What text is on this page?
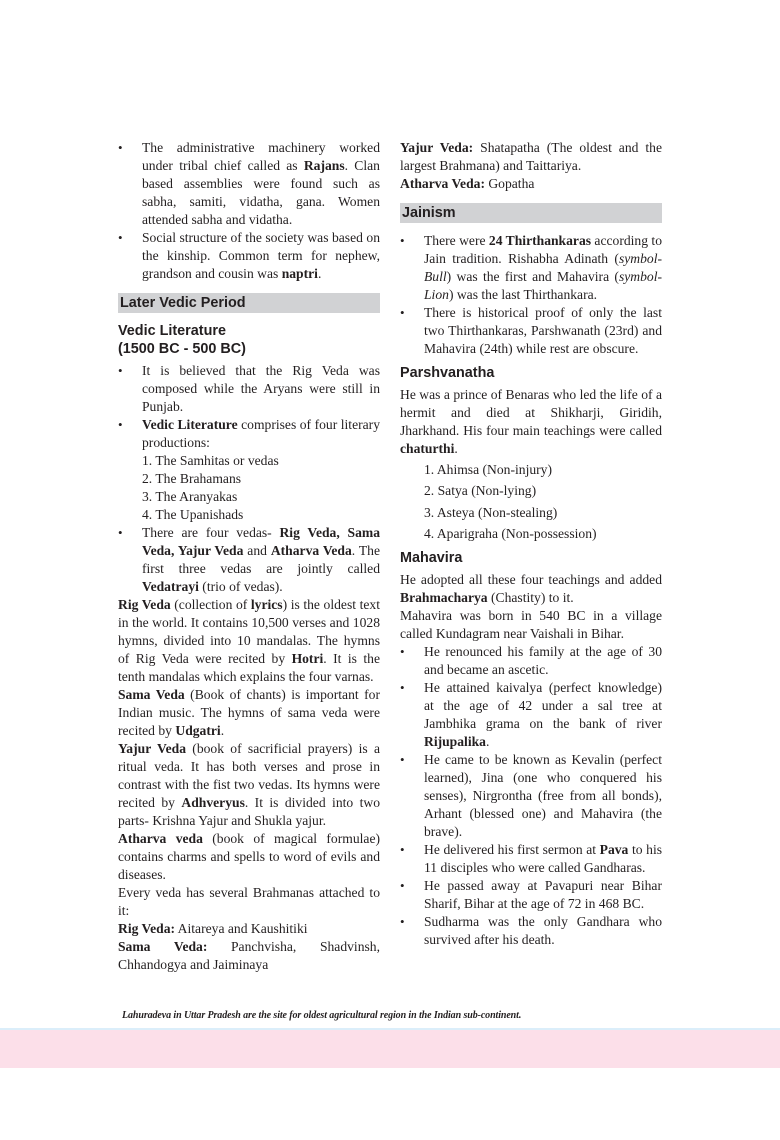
• The administrative machinery worked under tribal chief called as Rajans. Clan based assemblies were found such as sabha, samiti, vidatha, gana. Women attended sabha and vidatha.
• Social structure of the society was based on the kinship. Common term for nephew, grandson and cousin was naptri.
Later Vedic Period
Vedic Literature
(1500 BC - 500 BC)
• It is believed that the Rig Veda was composed while the Aryans were still in Punjab.
• Vedic Literature comprises of four literary productions:
1. The Samhitas or vedas
2. The Brahamans
3. The Aranyakas
4. The Upanishads
• There are four vedas- Rig Veda, Sama Veda, Yajur Veda and Atharva Veda. The first three vedas are jointly called Vedatrayi (trio of vedas).
Rig Veda (collection of lyrics) is the oldest text in the world. It contains 10,500 verses and 1028 hymns, divided into 10 mandalas. The hymns of Rig Veda were recited by Hotri. It is the tenth mandalas which explains the four varnas.
Sama Veda (Book of chants) is important for Indian music. The hymns of sama veda were recited by Udgatri.
Yajur Veda (book of sacrificial prayers) is a ritual veda. It has both verses and prose in contrast with the fist two vedas. Its hymns were recited by Adhveryus. It is divided into two parts- Krishna Yajur and Shukla yajur.
Atharva veda (book of magical formulae) contains charms and spells to word of evils and diseases.
Every veda has several Brahmanas attached to it:
Rig Veda: Aitareya and Kaushitiki
Sama Veda: Panchvisha, Shadvinsh, Chhandogya and Jaiminaya
Yajur Veda: Shatapatha (The oldest and the largest Brahmana) and Taittariya.
Atharva Veda: Gopatha
Jainism
• There were 24 Thirthankaras according to Jain tradition. Rishabha Adinath (symbol-Bull) was the first and Mahavira (symbol-Lion) was the last Thirthankara.
• There is historical proof of only the last two Thirthankaras, Parshwanath (23rd) and Mahavira (24th) while rest are obscure.
Parshvanatha
He was a prince of Benaras who led the life of a hermit and died at Shikharji, Giridih, Jharkhand. His four main teachings were called chaturthi.
1. Ahimsa (Non-injury)
2. Satya (Non-lying)
3. Asteya (Non-stealing)
4. Aparigraha (Non-possession)
Mahavira
He adopted all these four teachings and added Brahmacharya (Chastity) to it.
Mahavira was born in 540 BC in a village called Kundagram near Vaishali in Bihar.
• He renounced his family at the age of 30 and became an ascetic.
• He attained kaivalya (perfect knowledge) at the age of 42 under a sal tree at Jambhika grama on the bank of river Rijupalika.
• He came to be known as Kevalin (perfect learned), Jina (one who conquered his senses), Nirgrontha (free from all bonds), Arhant (blessed one) and Mahavira (the brave).
• He delivered his first sermon at Pava to his 11 disciples who were called Gandharas.
• He passed away at Pavapuri near Bihar Sharif, Bihar at the age of 72 in 468 BC.
• Sudharma was the only Gandhara who survived after his death.
Lahuradeva in Uttar Pradesh are the site for oldest agricultural region in the Indian sub-continent.
